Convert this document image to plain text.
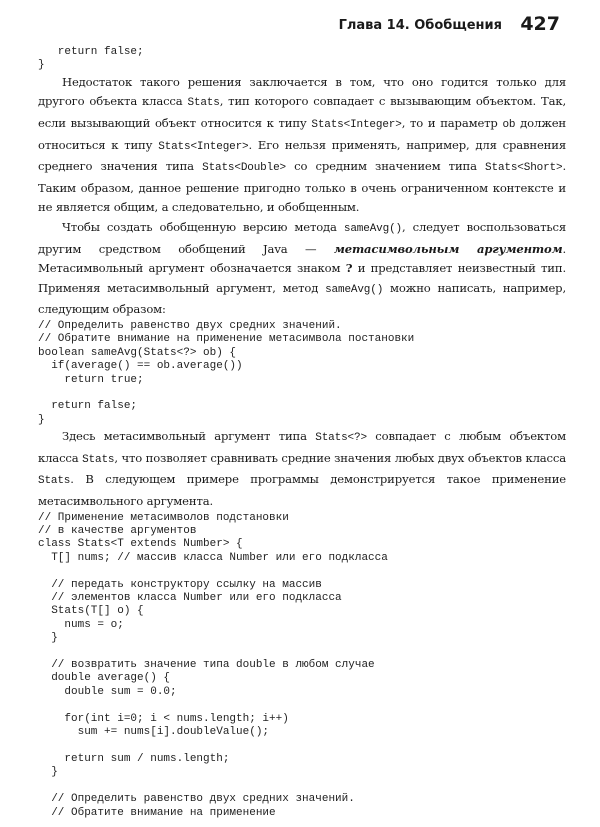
Глава 14. Обобщения 427
return false;
}

Недостаток такого решения заключается в том, что оно годится только для другого объекта класса Stats, тип которого совпадает с вызывающим объектом. Так, если вызывающий объект относится к типу Stats<Integer>, то и параметр ob должен относиться к типу Stats<Integer>. Его нельзя применять, например, для сравнения среднего значения типа Stats<Double> со средним значением типа Stats<Short>. Таким образом, данное решение пригодно только в очень ограниченном контексте и не является общим, а следовательно, и обобщенным.

Чтобы создать обобщенную версию метода sameAvg(), следует воспользоваться другим средством обобщений Java — метасимвольным аргументом. Метасимвольный аргумент обозначается знаком ? и представляет неизвестный тип. Применяя метасимвольный аргумент, метод sameAvg() можно написать, например, следующим образом:

// Определить равенство двух средних значений.
// Обратите внимание на применение метасимвола постановки
boolean sameAvg(Stats<?> ob) {
if(average() == ob.average())
return true;

return false;
}

Здесь метасимвольный аргумент типа Stats<?> совпадает с любым объектом класса Stats, что позволяет сравнивать средние значения любых двух объектов класса Stats. В следующем примере программы демонстрируется такое применение метасимвольного аргумента.

// Применение метасимволов подстановки
// в качестве аргументов
class Stats<T extends Number> {
T[] nums; // массив класса Number или его подкласса

// передать конструктору ссылку на массив
// элементов класса Number или его подкласса
Stats(T[] o) {
nums = o;
}

// возвратить значение типа double в любом случае
double average() {
double sum = 0.0;

for(int i=0; i < nums.length; i++)
sum += nums[i].doubleValue();

return sum / nums.length;
}

// Определить равенство двух средних значений.
// Обратите внимание на применение
